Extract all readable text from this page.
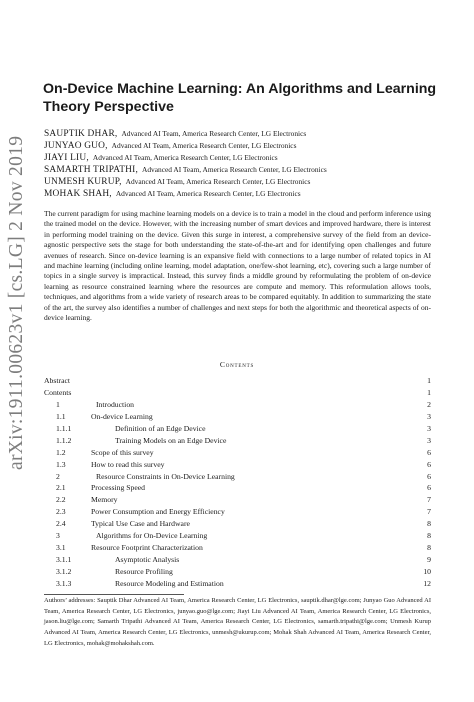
arXiv:1911.00623v1 [cs.LG] 2 Nov 2019
On-Device Machine Learning: An Algorithms and Learning Theory Perspective
SAUPTIK DHAR, Advanced AI Team, America Research Center, LG Electronics
JUNYAO GUO, Advanced AI Team, America Research Center, LG Electronics
JIAYI LIU, Advanced AI Team, America Research Center, LG Electronics
SAMARTH TRIPATHI, Advanced AI Team, America Research Center, LG Electronics
UNMESH KURUP, Advanced AI Team, America Research Center, LG Electronics
MOHAK SHAH, Advanced AI Team, America Research Center, LG Electronics
The current paradigm for using machine learning models on a device is to train a model in the cloud and perform inference using the trained model on the device. However, with the increasing number of smart devices and improved hardware, there is interest in performing model training on the device. Given this surge in interest, a comprehensive survey of the field from an device-agnostic perspective sets the stage for both understanding the state-of-the-art and for identifying open challenges and future avenues of research. Since on-device learning is an expansive field with connections to a large number of related topics in AI and machine learning (including online learning, model adaptation, one/few-shot learning, etc), covering such a large number of topics in a single survey is impractical. Instead, this survey finds a middle ground by reformulating the problem of on-device learning as resource constrained learning where the resources are compute and memory. This reformulation allows tools, techniques, and algorithms from a wide variety of research areas to be compared equitably. In addition to summarizing the state of the art, the survey also identifies a number of challenges and next steps for both the algorithmic and theoretical aspects of on-device learning.
Contents
Abstract	1
Contents	1
1	Introduction	2
1.1	On-device Learning	3
1.1.1	Definition of an Edge Device	3
1.1.2	Training Models on an Edge Device	3
1.2	Scope of this survey	6
1.3	How to read this survey	6
2	Resource Constraints in On-Device Learning	6
2.1	Processing Speed	6
2.2	Memory	7
2.3	Power Consumption and Energy Efficiency	7
2.4	Typical Use Case and Hardware	8
3	Algorithms for On-Device Learning	8
3.1	Resource Footprint Characterization	8
3.1.1	Asymptotic Analysis	9
3.1.2	Resource Profiling	10
3.1.3	Resource Modeling and Estimation	12
Authors’ addresses: Sauptik Dhar Advanced AI Team, America Research Center, LG Electronics, sauptik.dhar@lge.com; Junyao Guo Advanced AI Team, America Research Center, LG Electronics, junyao.guo@lge.com; Jiayi Liu Advanced AI Team, America Research Center, LG Electronics, jason.liu@lge.com; Samarth Tripathi Advanced AI Team, America Research Center, LG Electronics, samarth.tripathi@lge.com; Unmesh Kurup Advanced AI Team, America Research Center, LG Electronics, unmesh@ukurup.com; Mohak Shah Advanced AI Team, America Research Center, LG Electronics, mohak@mohakshah.com.
